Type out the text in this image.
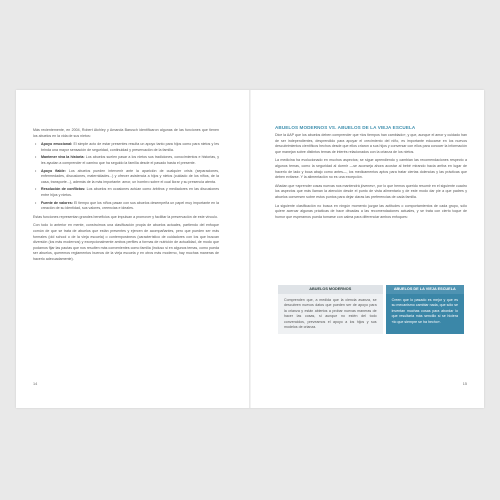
Más recientemente, en 2004, Robert Atchley y Amanda Barusch identificaron algunas de las funciones que tienen los abuelos en la vida de sus nietos:

• Apoyo emocional: El simple acto de estar presentes resulta un apoyo tanto para hijos como para nietos y les brinda una mayor sensación de seguridad, continuidad y preservación de la familia.
• Mantener viva la historia: Los abuelos suelen pasar a los nietos sus tradiciones, conocimientos e historias, y les ayudan a comprender el camino que ha seguido la familia desde el pasado hasta el presente.
• Apoyo fiable: Los abuelos pueden intervenir ante la aparición de cualquier crisis (separaciones, enfermedades, discusiones, maternidades...) y ofrecer asistencia a hijos y nietos (cuidado de los niños, de la casa, transporte...), además de la más importante: amor, un hombro sobre el cual llorar y su presencia atenta.
• Resolución de conflictos: Los abuelos en ocasiones actúan como árbitros y mediadores en las discusiones entre hijos y nietos.
• Fuente de valores: El tiempo que los niños pasan con sus abuelos desempeña un papel muy importante en la creación de su identidad, sus valores, creencias e ideales.

Estas funciones representan grandes beneficios que impulsan a promover y facilitar la preservación de este vínculo.

Con todo lo anterior en mente, construimos una clasificación propia de abuelos actuales, partiendo del enfoque común de que se trata de abuelos que están presentes y ejercen de acompañantes, pero que pueden ser más formales (old school o de la vieja escuela) o contemporáneos (característico de cuidadores con los que buscan diversión (los más modernos) y excepcionalmente ambos perfiles a formas de nutrición de actualidad, de modo que podamos fijar las pautas que nos resulten más convenientes como familia (incluso si en algunos temas, como pueda ser abuelos, queremos reglamentos buenos de la vieja escuela y en otros más moderno, hay muchas maneras de hacerlo adecuadamente).

14
ABUELOS MODERNOS VS. ABUELOS DE LA VIEJA ESCUELA

Dice la AAP que los abuelos deben comprender que «los tiempos han cambiado», y que, aunque el amor y cuidado han de ser independientes, desprendido para apoyar el crecimiento del niño, es importante educarse en los nuevos descubrimientos científicos hechos desde que ellos criaron a sus hijos y conversar con ellos para conocer la información que manejan sobre distintos temas de interés relacionados con la crianza de los nietos.

La medicina ha evolucionado en muchos aspectos; se sigue aprendiendo y cambian las recomendaciones respecto a algunos temas, como la seguridad al dormir —se aconseja ahora acostar al bebé mirando hacia arriba en lugar de hacerlo de lado y boca abajo como antes—, los medicamentos aptos para tratar ciertas dolencias y las prácticas que deben evitarse. Y la alimentación no es una excepción.

Añadan que «aprender cosas nuevas nos mantendrá jóvenes», por lo que hemos querido resumir en el siguiente cuadro los aspectos que más llaman la atención desde el punto de vista alimentario y de este modo dar pie a que padres y abuelos conversen sobre estos puntos para dejar claras las preferencias de cada familia.

La siguiente clasificación no busca en ningún momento juzgar las actitudes o comportamientos de cada grupo, sólo quiere acercar algunas prácticas de hace décadas a las recomendaciones actuales, y se trata con cierto toque de humor que esperamos pueda tomarse con calma para diferenciar ambos enfoques:

ABUELOS MODERNOS	ABUELOS DE LA VIEJA ESCUELA
Comprenden que, a medida que la ciencia avanza, se descubren nuevos datos que pueden ser de apoyo para la crianza y están abiertos a probar nuevas maneras de hacer las cosas, si aunque no estén del todo convencidos, preveamos el apoyo a los hijos y sus modelos de crianza.	Creen que lo pasado es mejor y que es su mecanismo cambiar nada, que sólo se inventan muchas cosas para abordar lo que resultaría más sencillo si se hiciera «lo que siempre se ha hecho».
15
